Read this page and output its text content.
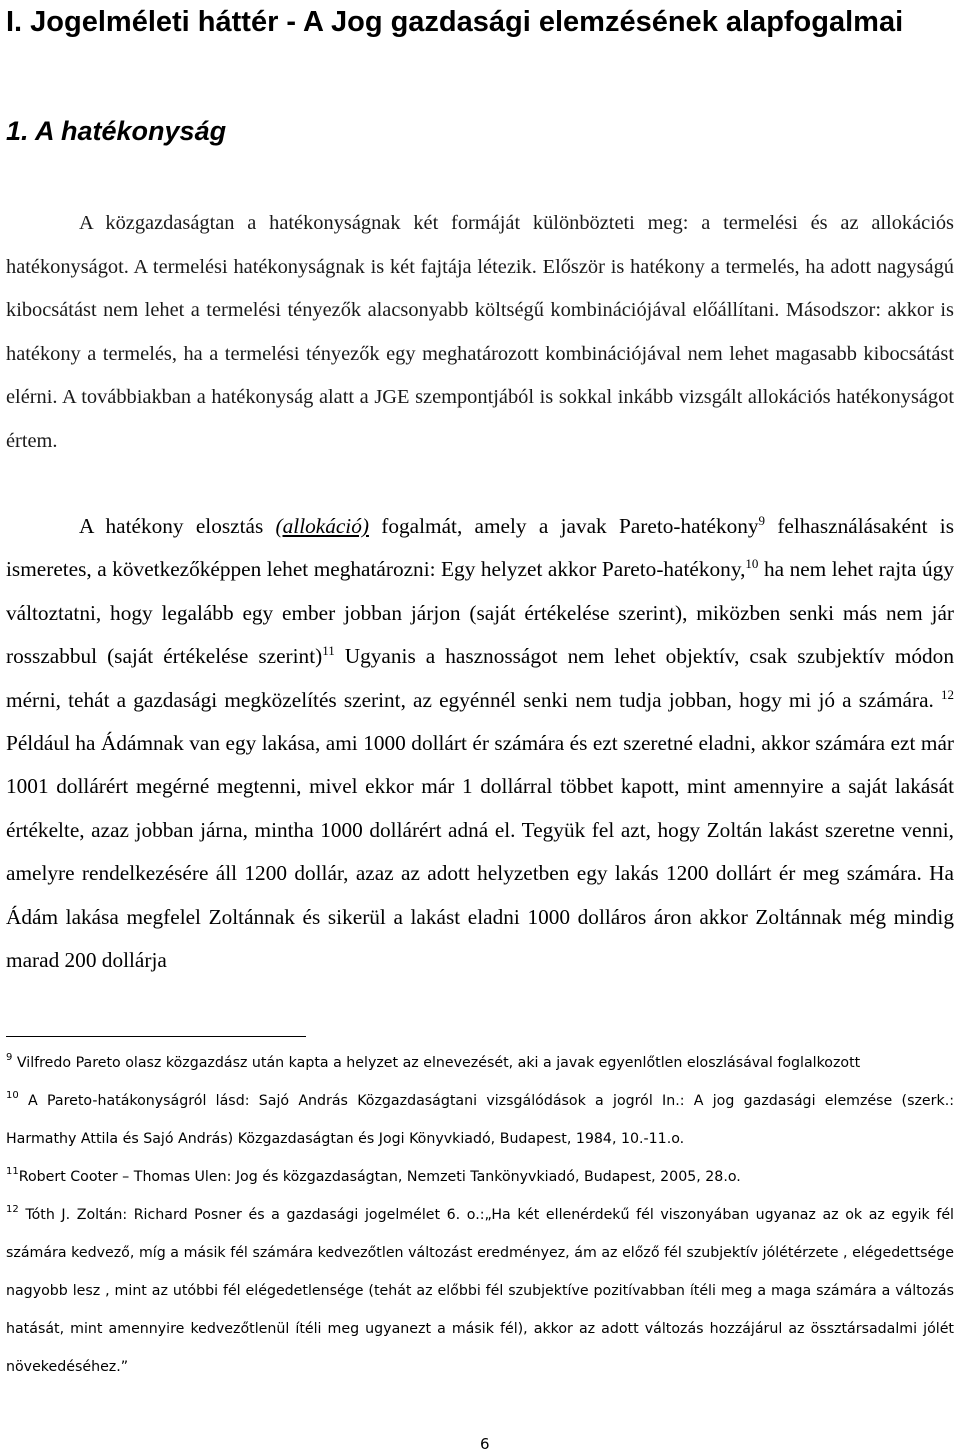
I. Jogelméleti háttér - A Jog gazdasági elemzésének alapfogalmai
1. A hatékonyság

A közgazdaságtan a hatékonyságnak két formáját különbözteti meg: a termelési és az allokációs hatékonyságot. A termelési hatékonyságnak is két fajtája létezik. Először is hatékony a termelés, ha adott nagyságú kibocsátást nem lehet a termelési tényezők alacsonyabb költségű kombinációjával előállítani. Másodszor: akkor is hatékony a termelés, ha a termelési tényezők egy meghatározott kombinációjával nem lehet magasabb kibocsátást elérni. A továbbiakban a hatékonyság alatt a JGE szempontjából is sokkal inkább vizsgált allokációs hatékonyságot értem.

A hatékony elosztás (allokáció) fogalmát, amely a javak Pareto-hatékony$^9$ felhasználásaként is ismeretes, a következőképpen lehet meghatározni: Egy helyzet akkor Pareto-hatékony,$^{10}$ ha nem lehet rajta úgy változtatni, hogy legalább egy ember jobban járjon (saját értékelése szerint), miközben senki más nem jár rosszabbul (saját értékelése szerint)$^{11}$ Ugyanis a hasznosságot nem lehet objektív, csak szubjektív módon mérni, tehát a gazdasági megközelítés szerint, az egyénnél senki nem tudja jobban, hogy mi jó a számára. $^{12}$ Például ha Ádámnak van egy lakása, ami 1000 dollárt ér számára és ezt szeretné eladni, akkor számára ezt már 1001 dollárért megérné megtenni, mivel ekkor már 1 dollárral többet kapott, mint amennyire a saját lakását értékelte, azaz jobban járna, mintha 1000 dollárért adná el. Tegyük fel azt, hogy Zoltán lakást szeretne venni, amelyre rendelkezésére áll 1200 dollár, azaz az adott helyzetben egy lakás 1200 dollárt ér meg számára. Ha Ádám lakása megfelel Zoltánnak és sikerül a lakást eladni 1000 dolláros áron akkor Zoltánnak még mindig marad 200 dollárja

$^9$ Vilfredo Pareto olasz közgazdász után kapta a helyzet az elnevezését, aki a javak egyenlőtlen eloszlásával foglalkozott

$^{10}$ A Pareto-hatákonyságról lásd: Sajó András Közgazdaságtani vizsgálódások a jogról In.: A jog gazdasági elemzése (szerk.: Harmathy Attila és Sajó András) Közgazdaságtan és Jogi Könyvkiadó, Budapest, 1984, 10.-11.o.

$^{11}$Robert Cooter – Thomas Ulen: Jog és közgazdaságtan, Nemzeti Tankönyvkiadó, Budapest, 2005, 28.o.

$^{12}$ Tóth J. Zoltán: Richard Posner és a gazdasági jogelmélet 6. o.:„Ha két ellenérdekű fél viszonyában ugyanaz az ok az egyik fél számára kedvező, míg a másik fél számára kedvezőtlen változást eredményez, ám az előző fél szubjektív jólétérzete , elégedettsége nagyobb lesz , mint az utóbbi fél elégedetlensége (tehát az előbbi fél szubjektíve pozitívabban ítéli meg a maga számára a változás hatását, mint amennyire kedvezőtlenül ítéli meg ugyanezt a másik fél), akkor az adott változás hozzájárul az össztársadalmi jólét növekedéséhez.”

6
